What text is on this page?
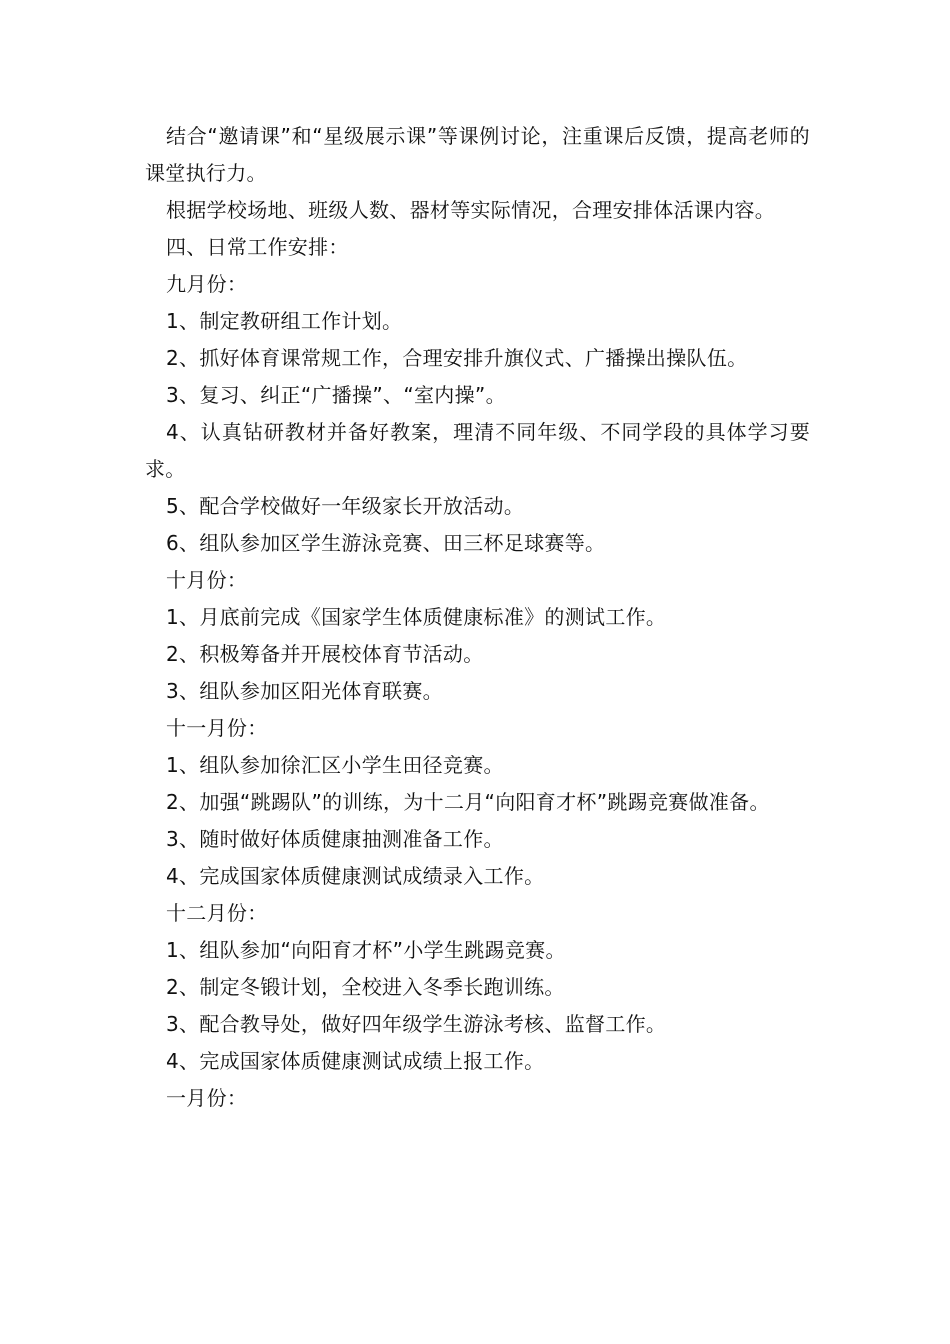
结合“邀请课”和“星级展示课”等课例讨论，注重课后反馈，提高老师的课堂执行力。

根据学校场地、班级人数、器材等实际情况，合理安排体活课内容。

四、日常工作安排：

九月份：

1、制定教研组工作计划。

2、抓好体育课常规工作，合理安排升旗仪式、广播操出操队伍。

3、复习、纠正“广播操”、“室内操”。

4、认真钻研教材并备好教案，理清不同年级、不同学段的具体学习要求。

5、配合学校做好一年级家长开放活动。

6、组队参加区学生游泳竞赛、田三杯足球赛等。

十月份：

1、月底前完成《国家学生体质健康标准》的测试工作。

2、积极筹备并开展校体育节活动。

3、组队参加区阳光体育联赛。

十一月份：

1、组队参加徐汇区小学生田径竞赛。

2、加强“跳踢队”的训练，为十二月“向阳育才杯”跳踢竞赛做准备。

3、随时做好体质健康抽测准备工作。

4、完成国家体质健康测试成绩录入工作。

十二月份：

1、组队参加“向阳育才杯”小学生跳踢竞赛。

2、制定冬锻计划，全校进入冬季长跑训练。

3、配合教导处，做好四年级学生游泳考核、监督工作。

4、完成国家体质健康测试成绩上报工作。

一月份：
